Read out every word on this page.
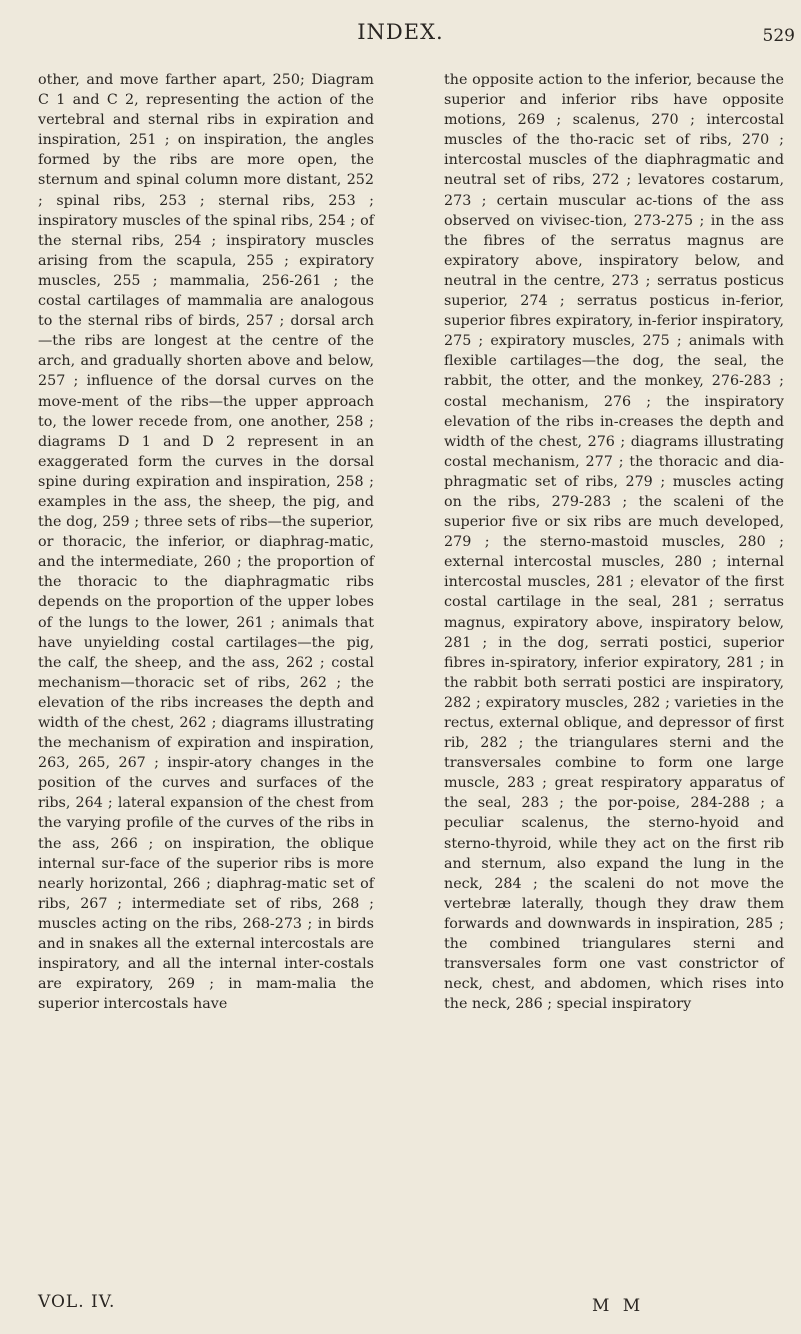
INDEX.	529

other, and move farther apart, 250; Diagram C 1 and C 2, representing the action of the vertebral and sternal ribs in expiration and inspiration, 251 ; on inspiration, the angles formed by the ribs are more open, the sternum and spinal column more distant, 252 ; spinal ribs, 253 ; sternal ribs, 253 ; inspiratory muscles of the spinal ribs, 254 ; of the sternal ribs, 254 ; inspiratory muscles arising from the scapula, 255 ; expiratory muscles, 255 ; mammalia, 256-261 ; the costal cartilages of mammalia are analogous to the sternal ribs of birds, 257 ; dorsal arch—the ribs are longest at the centre of the arch, and gradually shorten above and below, 257 ; influence of the dorsal curves on the move-ment of the ribs—the upper approach to, the lower recede from, one another, 258 ; diagrams D 1 and D 2 represent in an exaggerated form the curves in the dorsal spine during expiration and inspiration, 258 ; examples in the ass, the sheep, the pig, and the dog, 259 ; three sets of ribs—the superior, or thoracic, the inferior, or diaphrag-matic, and the intermediate, 260 ; the proportion of the thoracic to the diaphragmatic ribs depends on the proportion of the upper lobes of the lungs to the lower, 261 ; animals that have unyielding costal cartilages—the pig, the calf, the sheep, and the ass, 262 ; costal mechanism—thoracic set of ribs, 262 ; the elevation of the ribs increases the depth and width of the chest, 262 ; diagrams illustrating the mechanism of expiration and inspiration, 263, 265, 267 ; inspir-atory changes in the position of the curves and surfaces of the ribs, 264 ; lateral expansion of the chest from the varying profile of the curves of the ribs in the ass, 266 ; on inspiration, the oblique internal sur-face of the superior ribs is more nearly horizontal, 266 ; diaphrag-matic set of ribs, 267 ; intermediate set of ribs, 268 ; muscles acting on the ribs, 268-273 ; in birds and in snakes all the external intercostals are inspiratory, and all the internal inter-costals are expiratory, 269 ; in mam-malia the superior intercostals have

the opposite action to the inferior, because the superior and inferior ribs have opposite motions, 269 ; scalenus, 270 ; intercostal muscles of the tho-racic set of ribs, 270 ; intercostal muscles of the diaphragmatic and neutral set of ribs, 272 ; levatores costarum, 273 ; certain muscular ac-tions of the ass observed on vivisec-tion, 273-275 ; in the ass the fibres of the serratus magnus are expiratory above, inspiratory below, and neutral in the centre, 273 ; serratus posticus superior, 274 ; serratus posticus in-ferior, superior fibres expiratory, in-ferior inspiratory, 275 ; expiratory muscles, 275 ; animals with flexible cartilages—the dog, the seal, the rabbit, the otter, and the monkey, 276-283 ; costal mechanism, 276 ; the inspiratory elevation of the ribs in-creases the depth and width of the chest, 276 ; diagrams illustrating costal mechanism, 277 ; the thoracic and dia-phragmatic set of ribs, 279 ; muscles acting on the ribs, 279-283 ; the scaleni of the superior five or six ribs are much developed, 279 ; the sterno-mastoid muscles, 280 ; external intercostal muscles, 280 ; internal intercostal muscles, 281 ; elevator of the first costal cartilage in the seal, 281 ; serratus magnus, expiratory above, inspiratory below, 281 ; in the dog, serrati postici, superior fibres in-spiratory, inferior expiratory, 281 ; in the rabbit both serrati postici are inspiratory, 282 ; expiratory muscles, 282 ; varieties in the rectus, external oblique, and depressor of first rib, 282 ; the triangulares sterni and the transversales combine to form one large muscle, 283 ; great respiratory apparatus of the seal, 283 ; the por-poise, 284-288 ; a peculiar scalenus, the sterno-hyoid and sterno-thyroid, while they act on the first rib and sternum, also expand the lung in the neck, 284 ; the scaleni do not move the vertebræ laterally, though they draw them forwards and downwards in inspiration, 285 ; the combined triangulares sterni and transversales form one vast constrictor of neck, chest, and abdomen, which rises into the neck, 286 ; special inspiratory

VOL. IV.	M M
